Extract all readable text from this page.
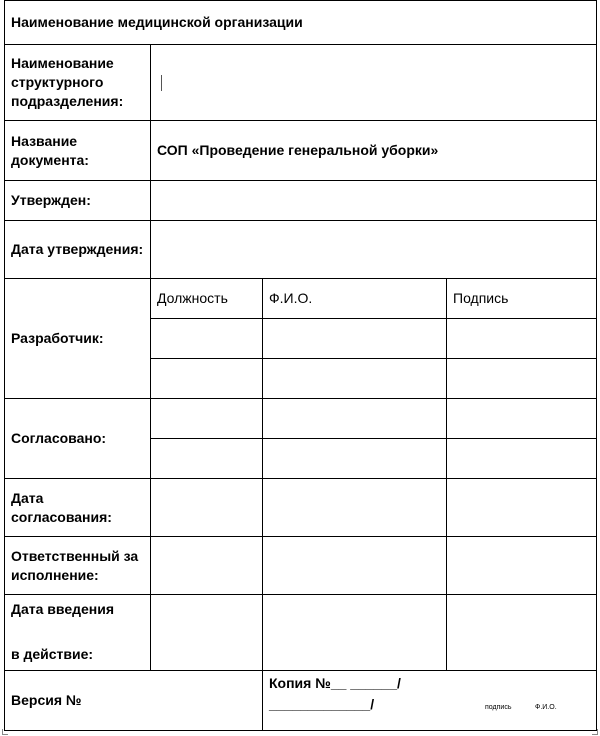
Наименование медицинской организации			
Наименование структурного подразделения:			
Название документа:	СОП «Проведение генеральной уборки»		
Утвержден:			
Дата утверждения:			
Разработчик:	Должность	Ф.И.О.	Подпись

Согласовано:			

Дата согласования:			
Ответственный за исполнение:			

Дата введения
в действие:			

Версия №		Копия №__ ______/
_____________/ подпись Ф.И.О.	
